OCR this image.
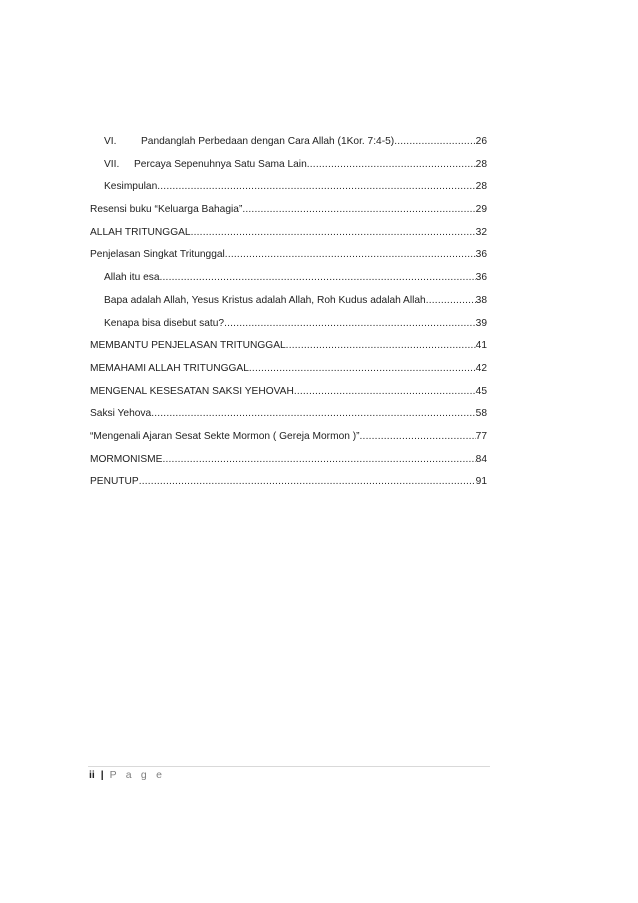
VI.	Pandanglah Perbedaan dengan Cara Allah (1Kor. 7:4-5) .....	26
VII.	Percaya Sepenuhnya Satu Sama Lain .....	28
Kesimpulan .....	28
Resensi buku “Keluarga Bahagia” .....	29
ALLAH TRITUNGGAL .....	32
Penjelasan Singkat Tritunggal .....	36
Allah itu esa .....	36
Bapa adalah Allah, Yesus Kristus adalah Allah, Roh Kudus adalah Allah .....	38
Kenapa bisa disebut satu? .....	39
MEMBANTU PENJELASAN TRITUNGGAL .....	41
MEMAHAMI ALLAH TRITUNGGAL .....	42
MENGENAL KESESATAN SAKSI YEHOVAH .....	45
Saksi Yehova .....	58
“Mengenali Ajaran Sesat Sekte Mormon ( Gereja Mormon )” .....	77
MORMONISME .....	84
PENUTUP .....	91
ii | P a g e
